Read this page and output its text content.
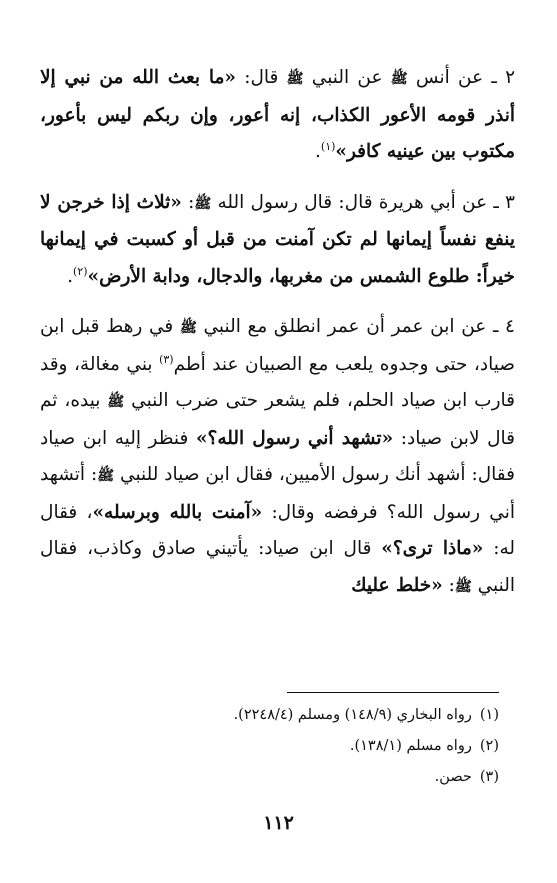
٢ ـ عن أنس ﷺ عن النبي ﷺ قال: «ما بعث الله من نبي إلا أنذر قومه الأعور الكذاب، إنه أعور، وإن ربكم ليس بأعور، مكتوب بين عينيه كافر»$^{(١)}$.

٣ ـ عن أبي هريرة قال: قال رسول الله ﷺ: «ثلاث إذا خرجن لا ينفع نفساً إيمانها لم تكن آمنت من قبل أو كسبت في إيمانها خيراً: طلوع الشمس من مغربها، والدجال، ودابة الأرض»$^{(٢)}$.

٤ ـ عن ابن عمر أن عمر انطلق مع النبي ﷺ في رهط قبل ابن صياد، حتى وجدوه يلعب مع الصبيان عند أطم$^{(٣)}$ بني مغالة، وقد قارب ابن صياد الحلم، فلم يشعر حتى ضرب النبي ﷺ بيده، ثم قال لابن صياد: «تشهد أني رسول الله؟» فنظر إليه ابن صياد فقال: أشهد أنك رسول الأميين، فقال ابن صياد للنبي ﷺ: أتشهد أني رسول الله؟ فرفضه وقال: «آمنت بالله وبرسله»، فقال له: «ماذا ترى؟» قال ابن صياد: يأتيني صادق وكاذب، فقال النبي ﷺ: «خلط عليك

(١)رواه البخاري (١٤٨/٩) ومسلم (٢٢٤٨/٤).
(٢)رواه مسلم (١٣٨/١).
(٣)حصن.
١١٢
